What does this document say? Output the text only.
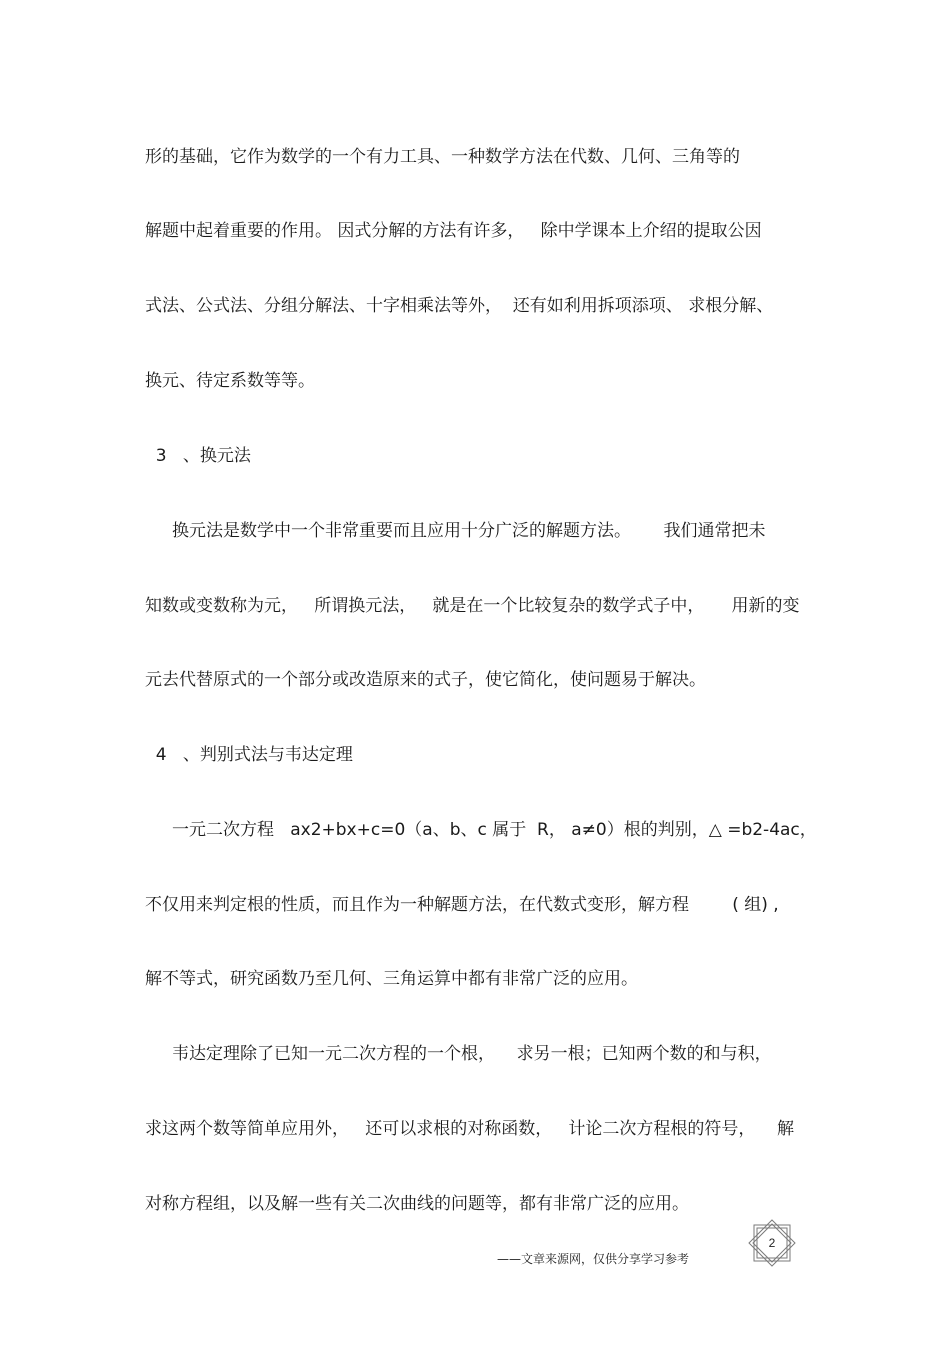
形的基础，它作为数学的一个有力工具、一种数学方法在代数、几何、三角等的
解题中起着重要的作用。 因式分解的方法有许多，   除中学课本上介绍的提取公因
式法、公式法、分组分解法、十字相乘法等外，  还有如利用拆项添项、 求根分解、
换元、待定系数等等。
3   、换元法
换元法是数学中一个非常重要而且应用十分广泛的解题方法。      我们通常把未
知数或变数称为元，   所谓换元法，   就是在一个比较复杂的数学式子中，     用新的变
元去代替原式的一个部分或改造原来的式子，使它简化，使问题易于解决。
4   、判别式法与韦达定理
一元二次方程   ax2+bx+c=0（a、b、c 属于  R， a≠0）根的判别，△ =b2-4ac，
不仅用来判定根的性质，而且作为一种解题方法，在代数式变形，解方程        ( 组) ,
解不等式，研究函数乃至几何、三角运算中都有非常广泛的应用。
韦达定理除了已知一元二次方程的一个根，    求另一根；已知两个数的和与积，
求这两个数等简单应用外，   还可以求根的对称函数，   计论二次方程根的符号，    解
对称方程组，以及解一些有关二次曲线的问题等，都有非常广泛的应用。
——文章来源网，仅供分享学习参考
2
